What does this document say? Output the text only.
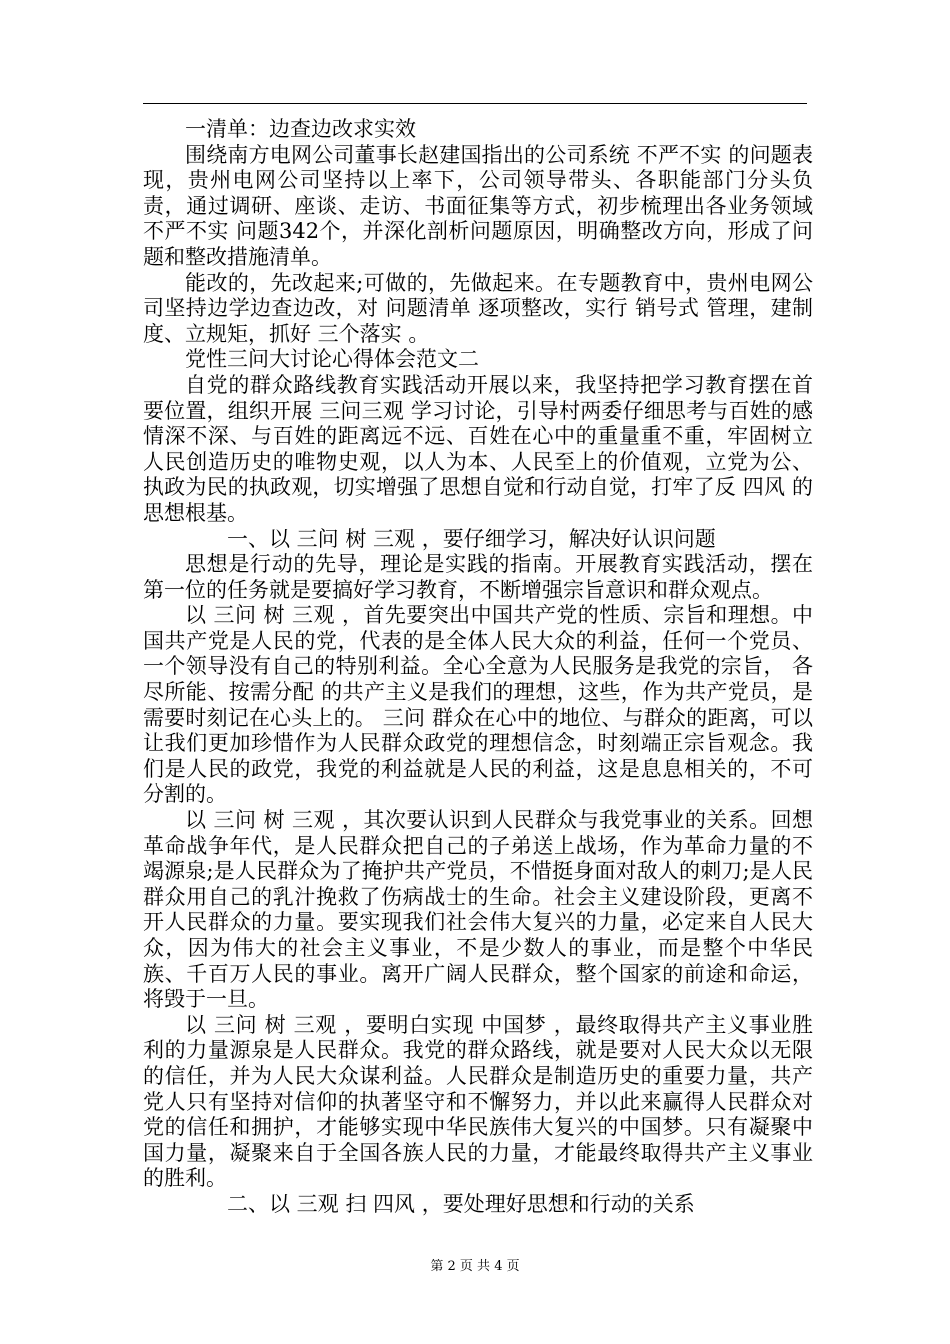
一清单：边查边改求实效

围绕南方电网公司董事长赵建国指出的公司系统 不严不实 的问题表现，贵州电网公司坚持以上率下，公司领导带头、各职能部门分头负责，通过调研、座谈、走访、书面征集等方式，初步梳理出各业务领域 不严不实 问题342个，并深化剖析问题原因，明确整改方向，形成了问题和整改措施清单。

能改的，先改起来;可做的，先做起来。在专题教育中，贵州电网公司坚持边学边查边改，对 问题清单 逐项整改，实行 销号式 管理，建制度、立规矩，抓好 三个落实 。

党性三问大讨论心得体会范文二

自党的群众路线教育实践活动开展以来，我坚持把学习教育摆在首要位置，组织开展 三问三观 学习讨论，引导村两委仔细思考与百姓的感情深不深、与百姓的距离远不远、百姓在心中的重量重不重，牢固树立人民创造历史的唯物史观，以人为本、人民至上的价值观，立党为公、执政为民的执政观，切实增强了思想自觉和行动自觉，打牢了反 四风 的思想根基。

一、以 三问 树 三观 ，要仔细学习，解决好认识问题

思想是行动的先导，理论是实践的指南。开展教育实践活动，摆在第一位的任务就是要搞好学习教育，不断增强宗旨意识和群众观点。

以 三问 树 三观 ，首先要突出中国共产党的性质、宗旨和理想。中国共产党是人民的党，代表的是全体人民大众的利益，任何一个党员、一个领导没有自己的特别利益。全心全意为人民服务是我党的宗旨， 各尽所能、按需分配 的共产主义是我们的理想，这些，作为共产党员，是需要时刻记在心头上的。 三问 群众在心中的地位、与群众的距离，可以让我们更加珍惜作为人民群众政党的理想信念，时刻端正宗旨观念。我们是人民的政党，我党的利益就是人民的利益，这是息息相关的，不可分割的。

以 三问 树 三观 ，其次要认识到人民群众与我党事业的关系。回想革命战争年代，是人民群众把自己的子弟送上战场，作为革命力量的不竭源泉;是人民群众为了掩护共产党员，不惜挺身面对敌人的刺刀;是人民群众用自己的乳汁挽救了伤病战士的生命。社会主义建设阶段，更离不开人民群众的力量。要实现我们社会伟大复兴的力量，必定来自人民大众，因为伟大的社会主义事业，不是少数人的事业，而是整个中华民族、千百万人民的事业。离开广阔人民群众，整个国家的前途和命运，将毁于一旦。

以 三问 树 三观 ，要明白实现 中国梦 ，最终取得共产主义事业胜利的力量源泉是人民群众。我党的群众路线，就是要对人民大众以无限的信任，并为人民大众谋利益。人民群众是制造历史的重要力量，共产党人只有坚持对信仰的执著坚守和不懈努力，并以此来赢得人民群众对党的信任和拥护，才能够实现中华民族伟大复兴的中国梦。只有凝聚中国力量，凝聚来自于全国各族人民的力量，才能最终取得共产主义事业的胜利。

二、以 三观 扫 四风 ，要处理好思想和行动的关系

第 2 页 共 4 页
